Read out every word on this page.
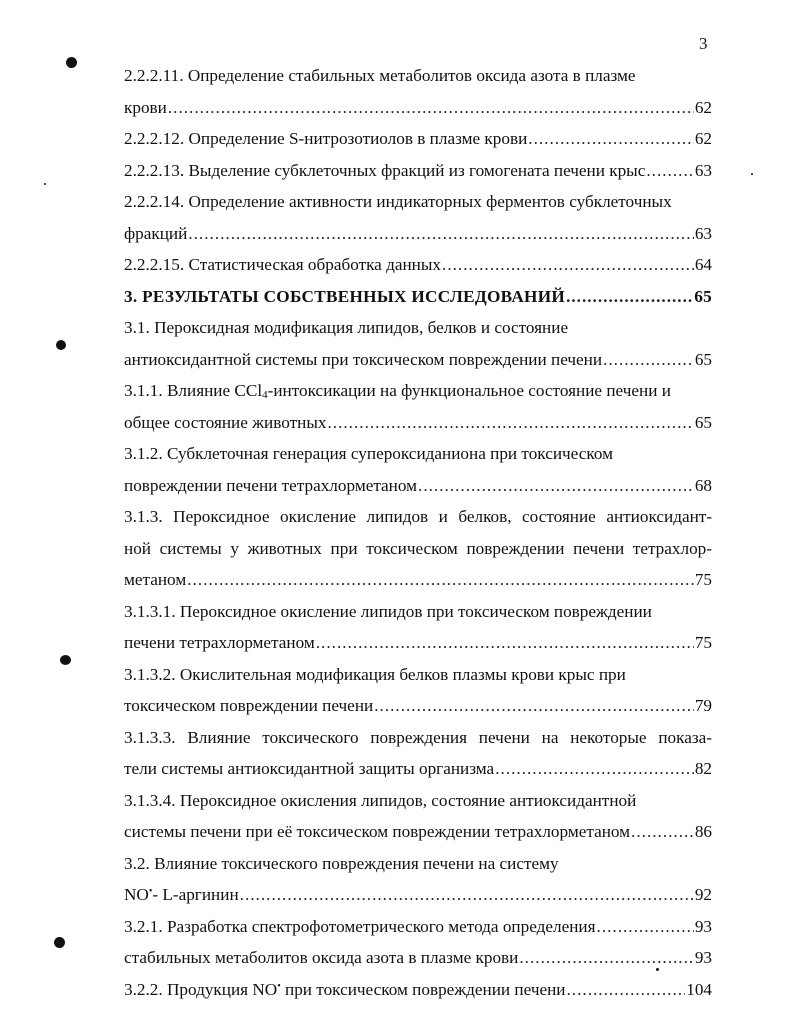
3
2.2.2.11. Определение стабильных метаболитов оксида азота в плазме
крови .....	62
2.2.2.12. Определение S-нитрозотиолов в плазме крови .....	62
2.2.2.13. Выделение субклеточных фракций из гомогената печени крыс .....	63
2.2.2.14. Определение активности индикаторных ферментов субклеточных
фракций .....	63
2.2.2.15. Статистическая обработка данных .....	64
3. РЕЗУЛЬТАТЫ СОБСТВЕННЫХ ИССЛЕДОВАНИЙ .....	65
3.1. Пероксидная модификация липидов, белков и состояние
антиоксидантной системы при токсическом повреждении печени .....	65
3.1.1. Влияние CCl$_4$-интоксикации на функциональное состояние печени и
общее состояние животных .....	65
3.1.2. Субклеточная генерация супероксиданиона при токсическом
повреждении печени тетрахлорметаном .....	68
3.1.3. Пероксидное окисление липидов и белков, состояние антиоксидант-
ной системы у животных при токсическом повреждении печени тетрахлор-
метаном .....	75
3.1.3.1. Пероксидное окисление липидов при токсическом повреждении
печени тетрахлорметаном .....	75
3.1.3.2. Окислительная модификация белков плазмы крови крыс при
токсическом повреждении печени .....	79
3.1.3.3. Влияние токсического повреждения печени на некоторые показа-
тели системы антиоксидантной защиты организма .....	82
3.1.3.4. Пероксидное окисления липидов, состояние антиоксидантной
системы печени при её токсическом повреждении тетрахлорметаном .....	86
3.2. Влияние токсического повреждения печени на систему
NO•- L-аргинин .....	92
3.2.1. Разработка спектрофотометрического метода определения .....	93
стабильных метаболитов оксида азота в плазме крови .....	93
3.2.2. Продукция NO• при токсическом повреждении печени .....	104
